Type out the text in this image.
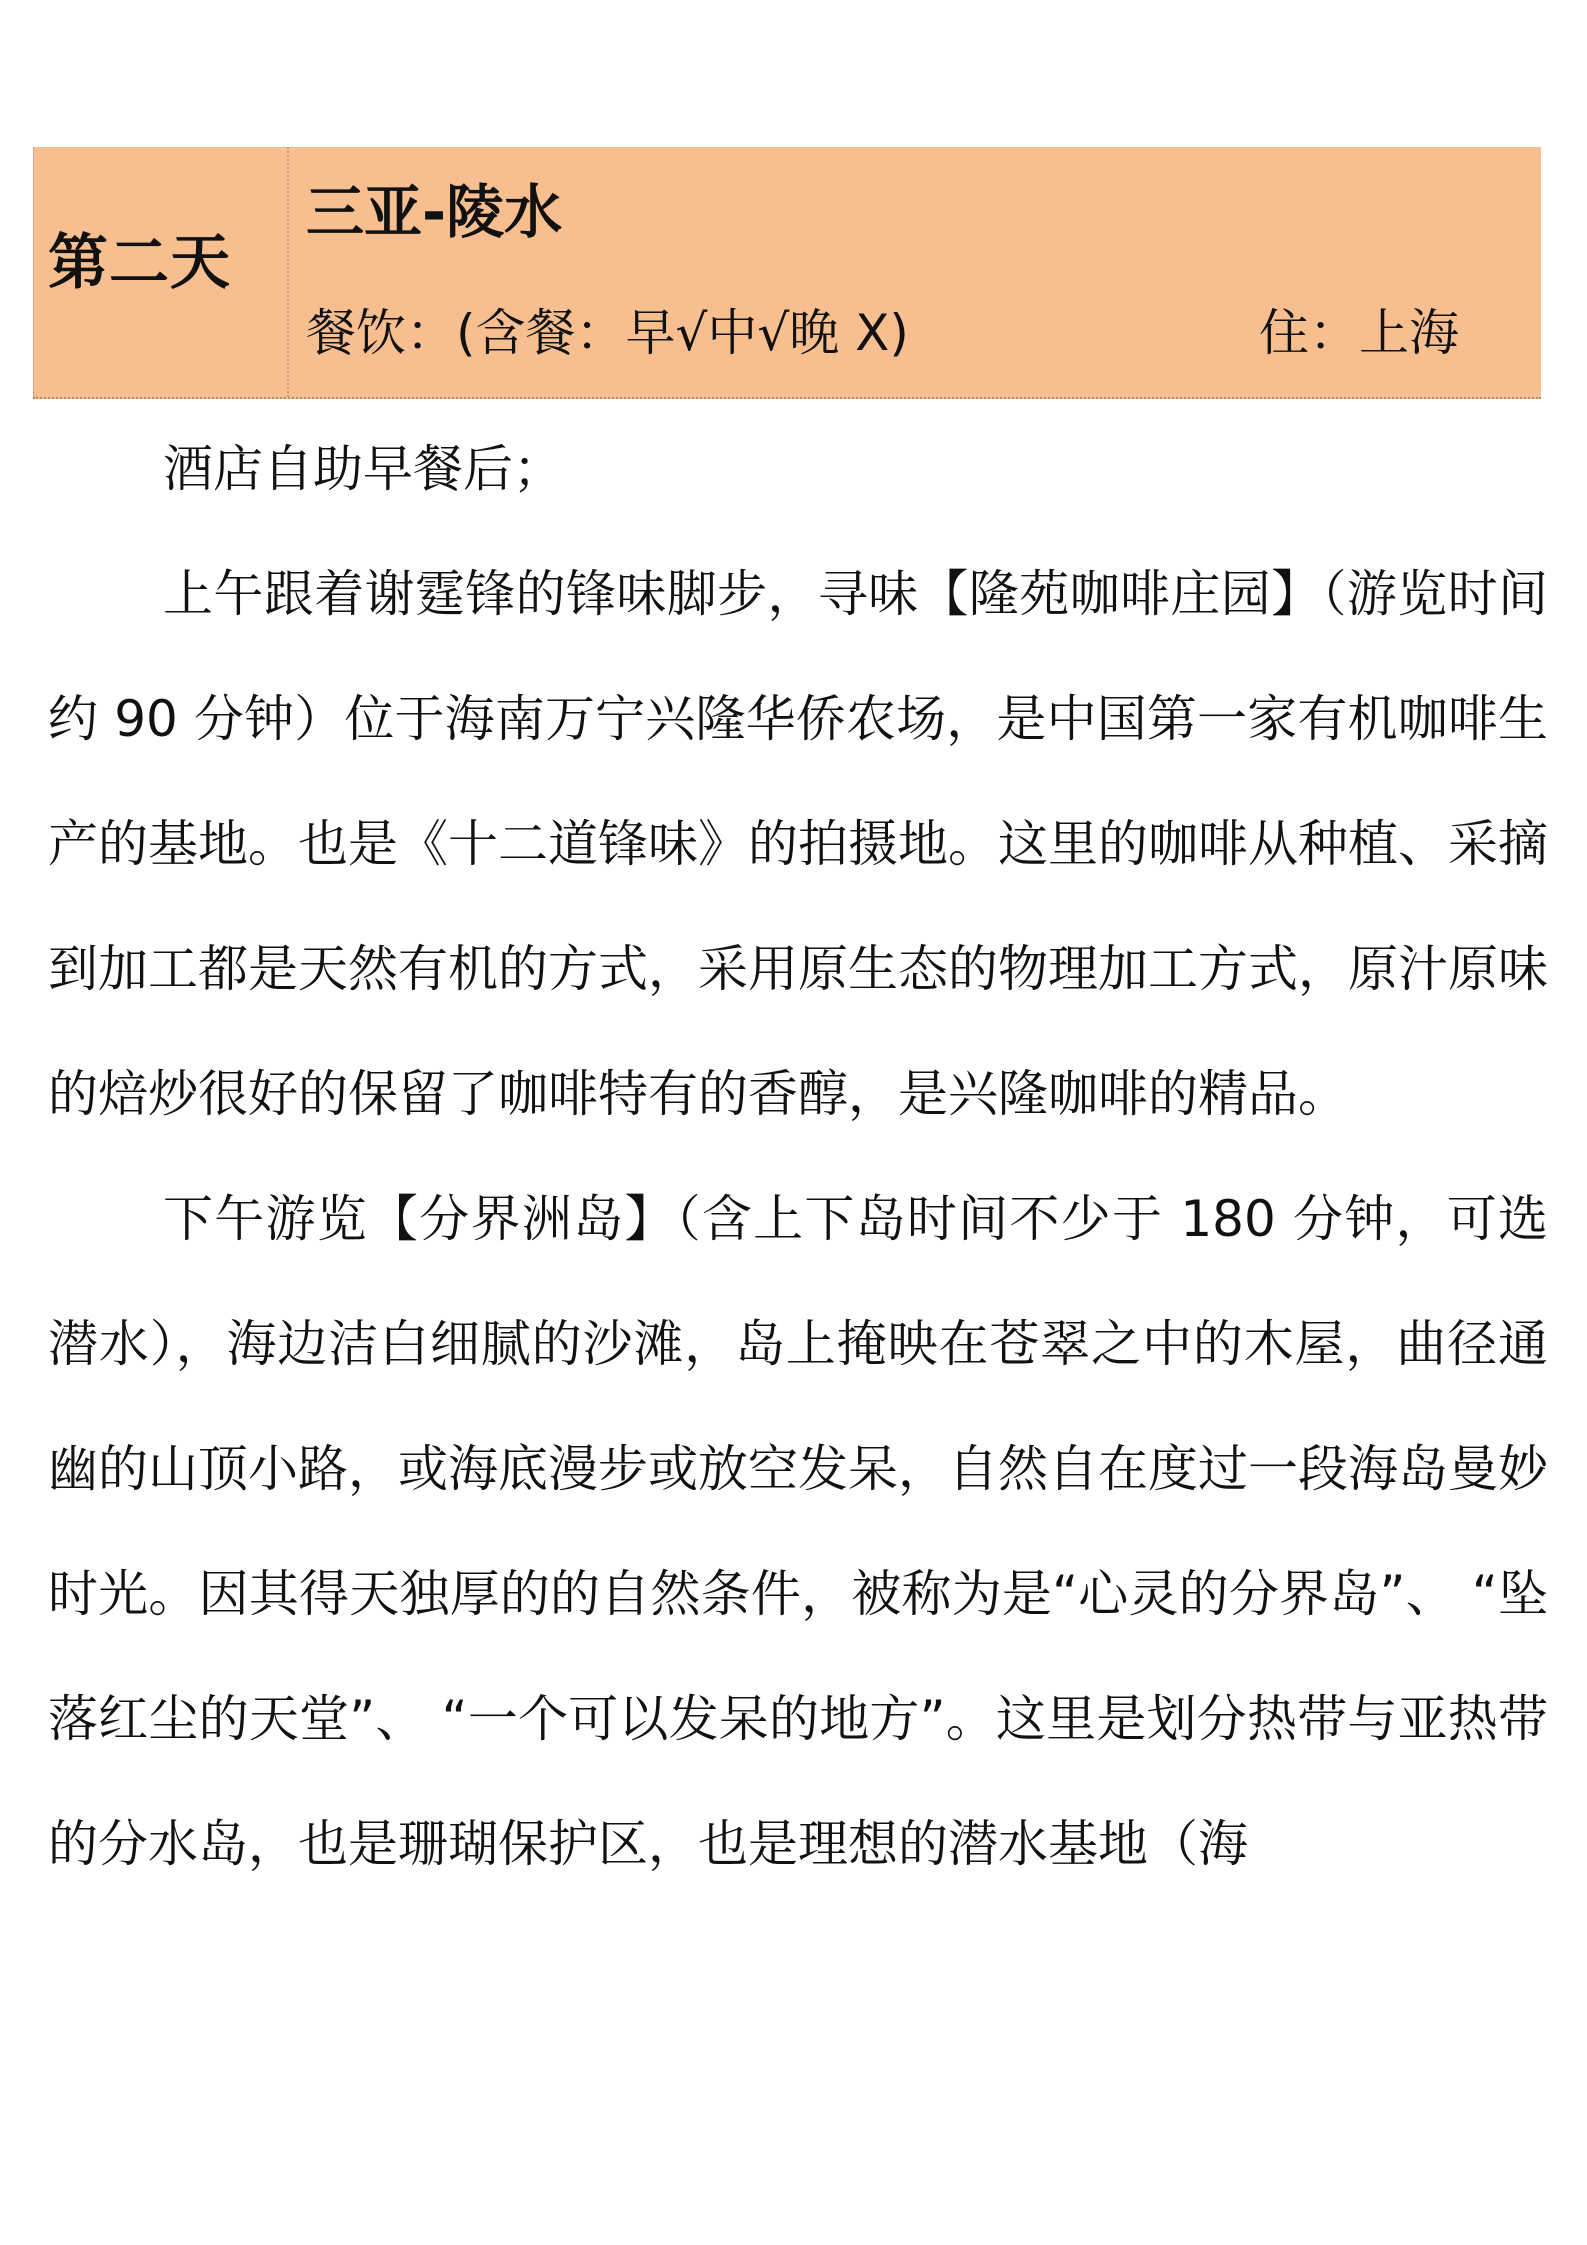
第二天
三亚-陵水
餐饮：(含餐：早√中√晚 X)	住：上海

酒店自助早餐后；

上午跟着谢霆锋的锋味脚步，寻味【隆苑咖啡庄园】（游览时间约 90 分钟）位于海南万宁兴隆华侨农场，是中国第一家有机咖啡生产的基地。也是《十二道锋味》的拍摄地。这里的咖啡从种植、采摘到加工都是天然有机的方式，采用原生态的物理加工方式，原汁原味的焙炒很好的保留了咖啡特有的香醇，是兴隆咖啡的精品。

下午游览【分界洲岛】（含上下岛时间不少于 180 分钟，可选潜水），海边洁白细腻的沙滩，岛上掩映在苍翠之中的木屋，曲径通幽的山顶小路，或海底漫步或放空发呆，自然自在度过一段海岛曼妙时光。因其得天独厚的的自然条件，被称为是“心灵的分界岛”、 “坠落红尘的天堂”、 “一个可以发呆的地方”。这里是划分热带与亚热带的分水岛，也是珊瑚保护区，也是理想的潜水基地（海
